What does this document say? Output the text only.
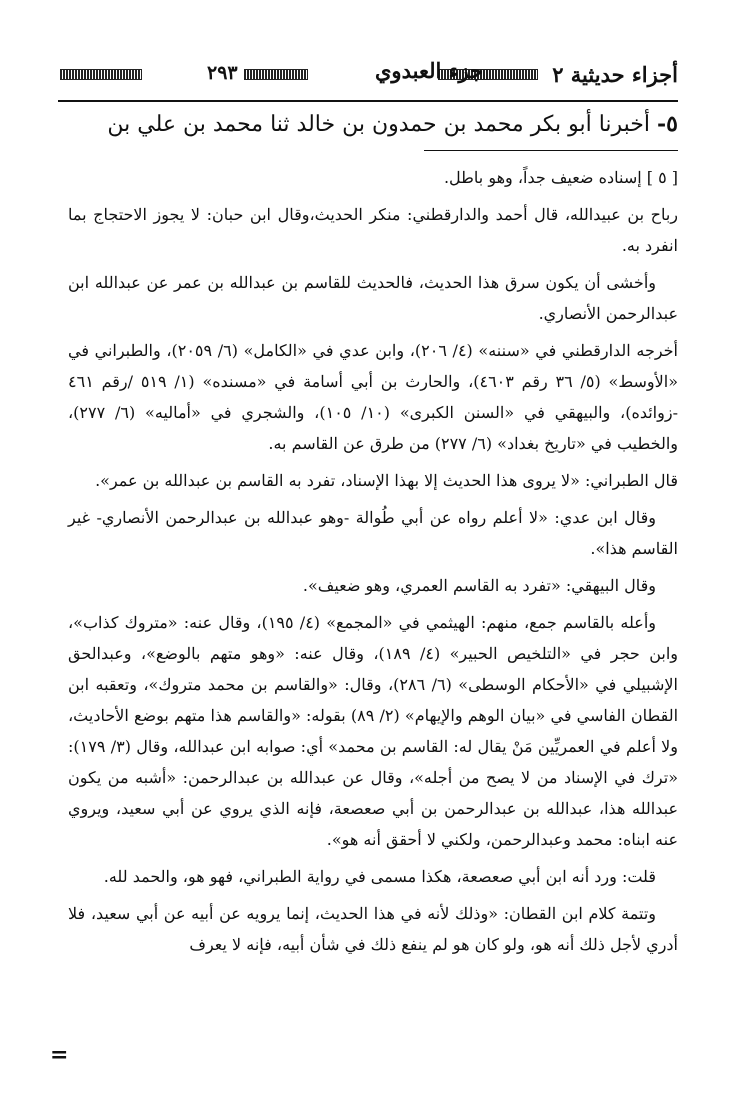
أجزاء حديثية ٢
جزء العبدوي
٢٩٣
٥- أخبرنا أبو بكر محمد بن حمدون بن خالد ثنا محمد بن علي بن

[ ٥ ] إسناده ضعيف جداً، وهو باطل.

رباح بن عبيدالله، قال أحمد والدارقطني: منكر الحديث،وقال ابن حبان: لا يجوز الاحتجاج بما انفرد به.

وأخشى أن يكون سرق هذا الحديث، فالحديث للقاسم بن عبدالله بن عمر عن عبدالله ابن عبدالرحمن الأنصاري.

أخرجه الدارقطني في «سننه» (٤/ ٢٠٦)، وابن عدي في «الكامل» (٦/ ٢٠٥٩)، والطبراني في «الأوسط» (٥/ ٣٦ رقم ٤٦٠٣)، والحارث بن أبي أسامة في «مسنده» (١/ ٥١٩ /رقم ٤٦١ -زوائده)، والبيهقي في «السنن الكبرى» (١٠/ ١٠٥)، والشجري في «أماليه» (٦/ ٢٧٧)، والخطيب في «تاريخ بغداد» (٦/ ٢٧٧) من طرق عن القاسم به.

قال الطبراني: «لا يروى هذا الحديث إلا بهذا الإسناد، تفرد به القاسم بن عبدالله بن عمر».

وقال ابن عدي: «لا أعلم رواه عن أبي طُوالة -وهو عبدالله بن عبدالرحمن الأنصاري- غير القاسم هذا».

وقال البيهقي: «تفرد به القاسم العمري، وهو ضعيف».

وأعله بالقاسم جمع، منهم: الهيثمي في «المجمع» (٤/ ١٩٥)، وقال عنه: «متروك كذاب»، وابن حجر في «التلخيص الحبير» (٤/ ١٨٩)، وقال عنه: «وهو متهم بالوضع»، وعبدالحق الإشبيلي في «الأحكام الوسطى» (٦/ ٢٨٦)، وقال: «والقاسم بن محمد متروك»، وتعقبه ابن القطان الفاسي في «بيان الوهم والإيهام» (٢/ ٨٩) بقوله: «والقاسم هذا متهم بوضع الأحاديث، ولا أعلم في العمريِّين مَنْ يقال له: القاسم بن محمد» أي: صوابه ابن عبدالله، وقال (٣/ ١٧٩): «ترك في الإسناد من لا يصح من أجله»، وقال عن عبدالله بن عبدالرحمن: «أشبه من يكون عبدالله هذا، عبدالله بن عبدالرحمن بن أبي صعصعة، فإنه الذي يروي عن أبي سعيد، ويروي عنه ابناه: محمد وعبدالرحمن، ولكني لا أحقق أنه هو».

قلت: ورد أنه ابن أبي صعصعة، هكذا مسمى في رواية الطبراني، فهو هو، والحمد لله.

وتتمة كلام ابن القطان: «وذلك لأنه في هذا الحديث، إنما يرويه عن أبيه عن أبي سعيد، فلا أدري لأجل ذلك أنه هو، ولو كان هو لم ينفع ذلك في شأن أبيه، فإنه لا يعرف

=
